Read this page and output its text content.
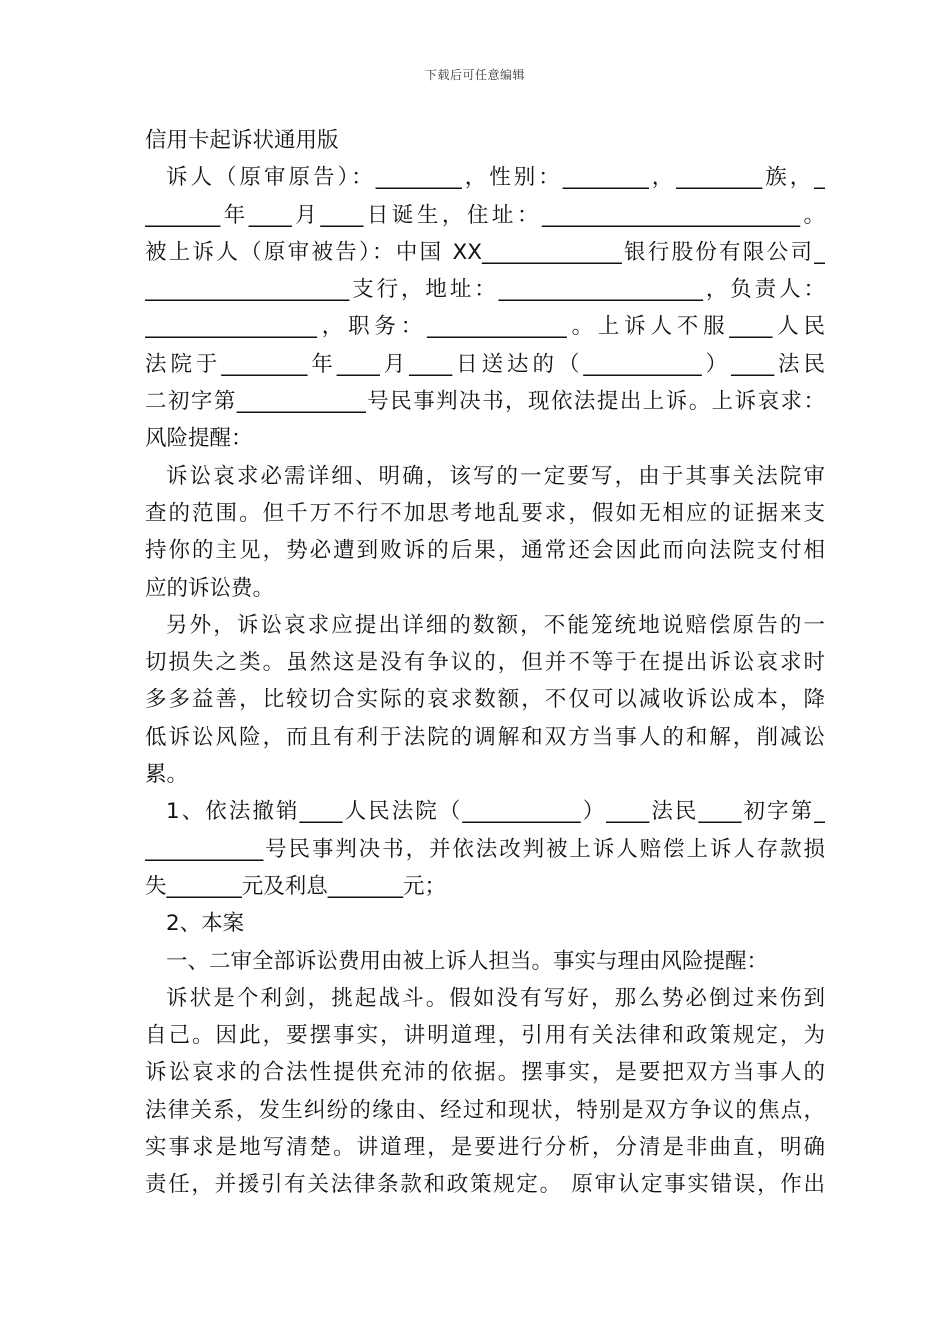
下载后可任意编辑
信用卡起诉状通用版
诉人（原审原告）：________，性别：________，________族，_
_______年____月____日诞生，住址：________________________。
被上诉人（原审被告）：中国 XX_____________银行股份有限公司_
___________________支行，地址：___________________，负责人：
________________，职务：_____________。上诉人不服____人民
法院于________年____月____日送达的（___________）____法民
二初字第____________号民事判决书，现依法提出上诉。上诉哀求：
风险提醒：
诉讼哀求必需详细、明确，该写的一定要写，由于其事关法院审
查的范围。但千万不行不加思考地乱要求，假如无相应的证据来支
持你的主见，势必遭到败诉的后果，通常还会因此而向法院支付相
应的诉讼费。
另外，诉讼哀求应提出详细的数额，不能笼统地说赔偿原告的一
切损失之类。虽然这是没有争议的，但并不等于在提出诉讼哀求时
多多益善，比较切合实际的哀求数额，不仅可以减收诉讼成本，降
低诉讼风险，而且有利于法院的调解和双方当事人的和解，削减讼
累。
1、依法撤销____人民法院（___________）____法民____初字第_
___________号民事判决书，并依法改判被上诉人赔偿上诉人存款损
失_______元及利息_______元；
2、本案
一、二审全部诉讼费用由被上诉人担当。事实与理由风险提醒：
诉状是个利剑，挑起战斗。假如没有写好，那么势必倒过来伤到
自己。因此，要摆事实，讲明道理，引用有关法律和政策规定，为
诉讼哀求的合法性提供充沛的依据。摆事实，是要把双方当事人的
法律关系，发生纠纷的缘由、经过和现状，特别是双方争议的焦点，
实事求是地写清楚。讲道理，是要进行分析，分清是非曲直，明确
责任，并援引有关法律条款和政策规定。 原审认定事实错误，作出
